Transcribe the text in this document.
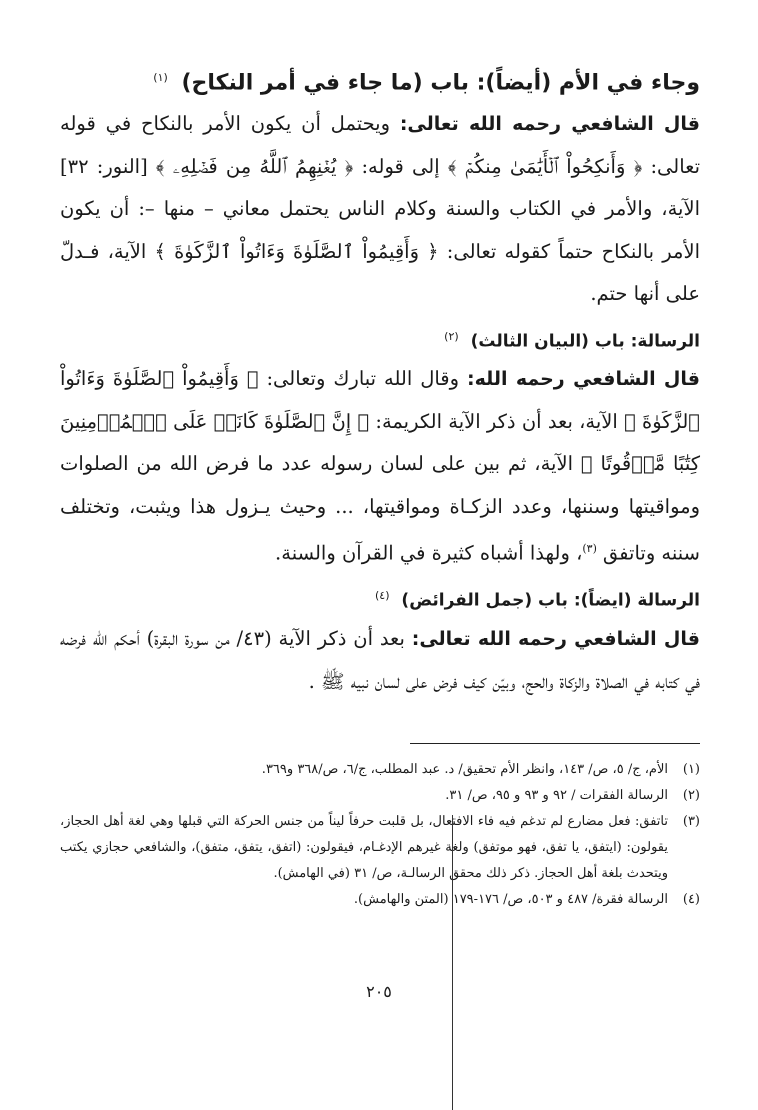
وجاء في الأم (أيضاً): باب (ما جاء في أمر النكاح) $^{(١)}$

قال الشافعي رحمه الله تعالى: ويحتمل أن يكون الأمر بالنكاح في قوله تعالى: ﴿ وَأَنكِحُواْ ٱلۡأَيَٰمَىٰ مِنكُمۡ ﴾ إلى قوله: ﴿ يُغۡنِهِمُ ٱللَّهُ مِن فَضۡلِهِۦ ﴾ [النور: ٣٢] الآية، والأمر في الكتاب والسنة وكلام الناس يحتمل معاني – منها –: أن يكون الأمر بالنكاح حتماً كقوله تعالى: ﴿ وَأَقِيمُواْ ٱلصَّلَوٰةَ وَءَاتُواْ ٱلزَّكَوٰةَ ﴾ الآية، فـدلّ على أنها حتم.

الرسالة: باب (البيان الثالث) $^{(٢)}$

قال الشافعي رحمه الله: وقال الله تبارك وتعالى: ﴿ وَأَقِيمُواْ ٱلصَّلَوٰةَ وَءَاتُواْ ٱلزَّكَوٰةَ ﴾ الآية، بعد أن ذكر الآية الكريمة: ﴿ إِنَّ ٱلصَّلَوٰةَ كَانَتۡ عَلَى ٱلۡمُؤۡمِنِينَ كِتَٰبًا مَّوۡقُوتًا ﴾ الآية، ثم بين على لسان رسوله عدد ما فرض الله من الصلوات ومواقيتها وسننها، وعدد الزكـاة ومواقيتها، ... وحيث يـزول هذا ويثبت، وتختلف سننه وتاتفق$^{(٣)}$، ولهذا أشباه كثيرة في القرآن والسنة.

الرسالة (ايضاً): باب (جمل الفرائض) $^{(٤)}$

قال الشافعي رحمه الله تعالى: بعد أن ذكر الآية (٤٣/ من سورة البقرة) أحكم الله فرضه في كتابه في الصلاة والزكاة والحج، وبيّن كيف فرض على لسان نبيه ﷺ .

(١)
الأم، ج/ ٥، ص/ ١٤٣، وانظر الأم تحقيق/ د. عبد المطلب، ج/٦، ص/٣٦٨ و٣٦٩.

(٢)
الرسالة الفقرات / ٩٢ و ٩٣ و ٩٥، ص/ ٣١.

(٣)
تاتفق: فعل مضارع لم تدغم فيه فاء الافتعال، بل قلبت حرفاً ليناً من جنس الحركة التي قبلها وهي لغة أهل الحجاز، يقولون: (ايتفق، يا تفق، فهو موتفق) ولغة غيرهم الإدغـام، فيقولون: (اتفق، يتفق، متفق)، والشافعي حجازي يكتب ويتحدث بلغة أهل الحجاز. ذكر ذلك محقق الرسالـة، ص/ ٣١ (في الهامش).

(٤)
الرسالة فقرة/ ٤٨٧ و ٥٠٣، ص/ ١٧٦-١٧٩ (المتن والهامش).

٢٠٥
